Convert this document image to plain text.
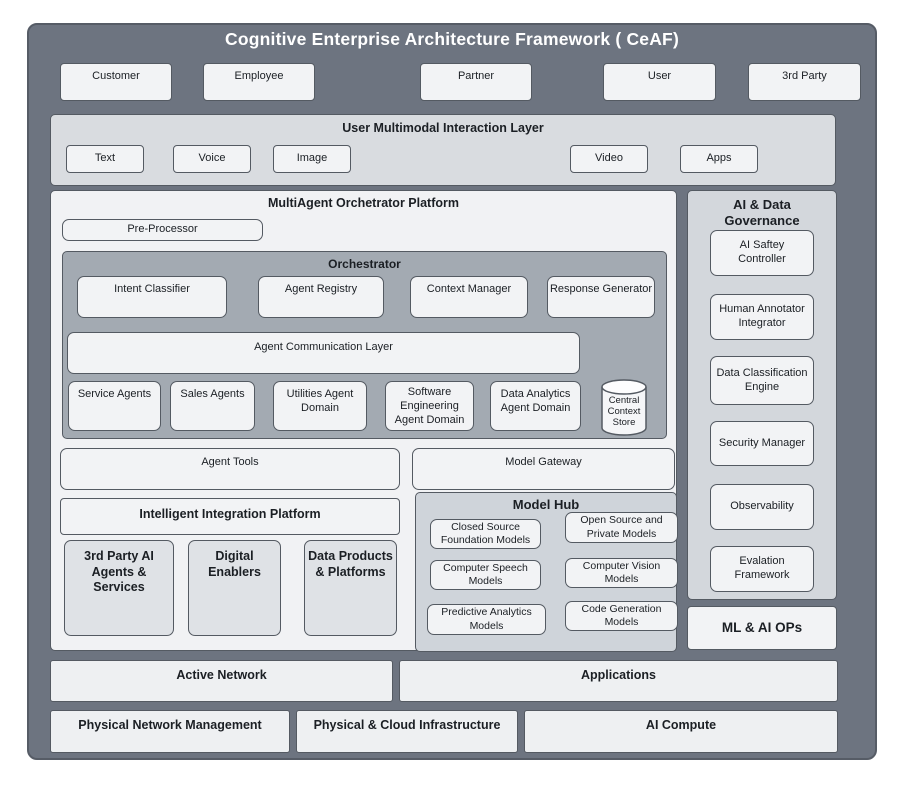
Cognitive Enterprise Architecture Framework ( CeAF)
Customer	Employee	Partner	User	3rd Party
User Multimodal Interaction Layer
Text	Voice	Image	Video	Apps
MultiAgent Orchetrator Platform
Pre-Processor
Orchestrator
Intent Classifier	Agent Registry	Context Manager	Response Generator
Agent Communication Layer
Service Agents	Sales Agents	Utilities Agent Domain
Software Engineering Agent Domain
Data Analytics Agent Domain
Central Context Store
Agent Tools	Model Gateway
Intelligent Integration Platform
Model Hub
Closed Source Foundation Models
Open Source and Private Models
Computer Speech Models
Computer Vision Models
Predictive Analytics Models
Code Generation Models
3rd Party AI Agents & Services
Digital Enablers
Data Products & Platforms
AI & Data Governance
AI Saftey Controller
Human Annotator Integrator
Data Classification Engine
Security Manager
Observability
Evalation Framework
ML & AI OPs
Active Network	Applications
Physical Network Management	Physical & Cloud Infrastructure	AI Compute
